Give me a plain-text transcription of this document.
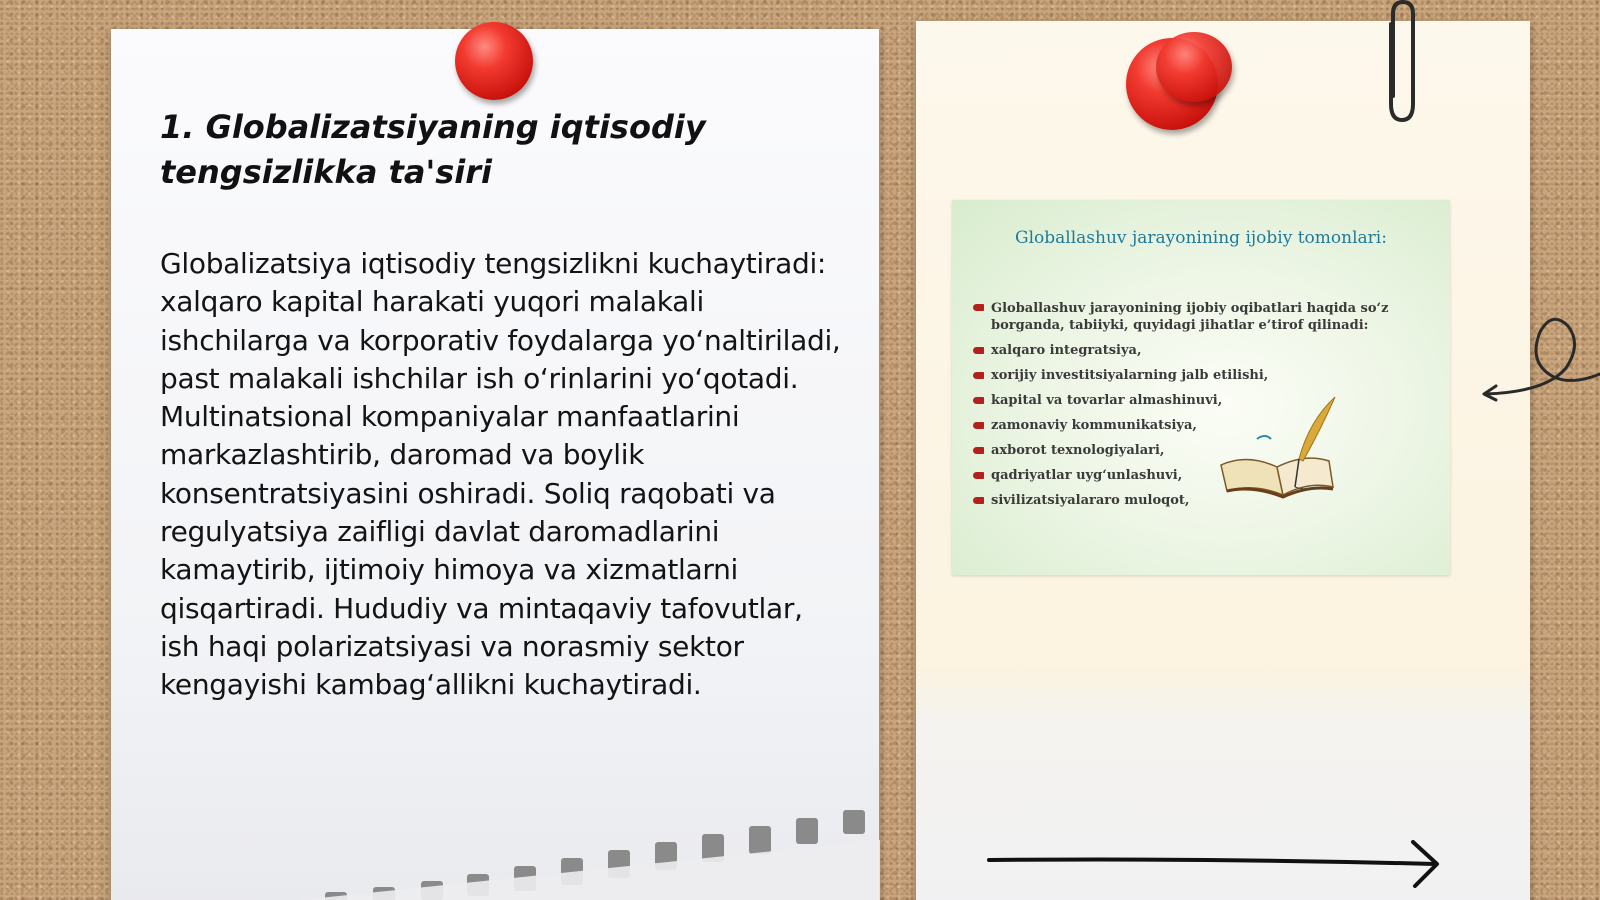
1. Globalizatsiyaning iqtisodiy tengsizlikka ta'siri

Globalizatsiya iqtisodiy tengsizlikni kuchaytiradi: xalqaro kapital harakati yuqori malakali ishchilarga va korporativ foydalarga yo‘naltiriladi, past malakali ishchilar ish o‘rinlarini yo‘qotadi. Multinatsional kompaniyalar manfaatlarini markazlashtirib, daromad va boylik konsentratsiyasini oshiradi. Soliq raqobati va regulyatsiya zaifligi davlat daromadlarini kamaytirib, ijtimoiy himoya va xizmatlarni qisqartiradi. Hududiy va mintaqaviy tafovutlar, ish haqi polarizatsiyasi va norasmiy sektor kengayishi kambag‘allikni kuchaytiradi.

Globallashuv jarayonining ijobiy tomonlari:
Globallashuv jarayonining ijobiy oqibatlari haqida so‘z borganda, tabiiyki, quyidagi jihatlar e’tirof qilinadi:
xalqaro integratsiya,
xorijiy investitsiyalarning jalb etilishi,
kapital va tovarlar almashinuvi,
zamonaviy kommunikatsiya,
axborot texnologiyalari,
qadriyatlar uyg‘unlashuvi,
sivilizatsiyalararo muloqot,
